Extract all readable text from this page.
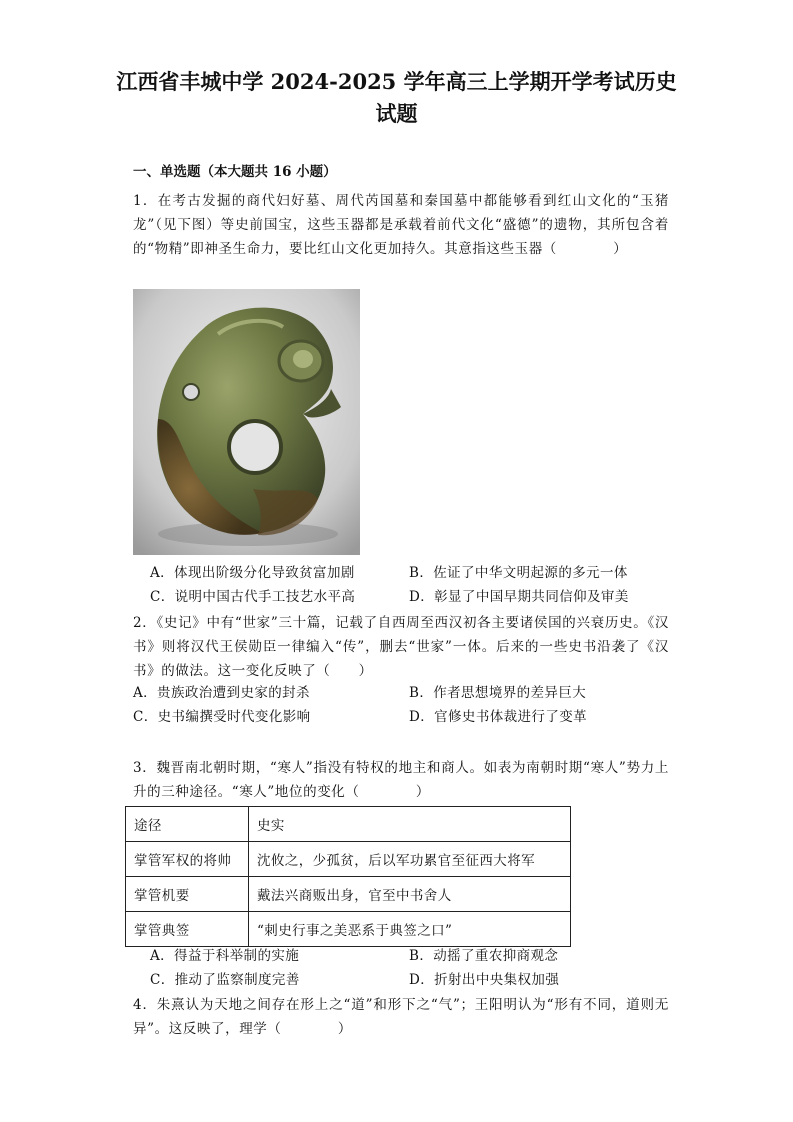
江西省丰城中学 2024-2025 学年高三上学期开学考试历史
试题
一、单选题（本大题共 16 小题）
1．在考古发掘的商代妇好墓、周代芮国墓和秦国墓中都能够看到红山文化的“玉猪龙”（见下图）等史前国宝，这些玉器都是承载着前代文化“盛德”的遗物，其所包含着的“物精”即神圣生命力，要比红山文化更加持久。其意指这些玉器（　　　　）
A．体现出阶级分化导致贫富加剧	B．佐证了中华文明起源的多元一体
C．说明中国古代手工技艺水平高	D．彰显了中国早期共同信仰及审美
2．《史记》中有“世家”三十篇，记载了自西周至西汉初各主要诸侯国的兴衰历史。《汉书》则将汉代王侯勋臣一律编入“传”，删去“世家”一体。后来的一些史书沿袭了《汉书》的做法。这一变化反映了（　　）
A．贵族政治遭到史家的封杀	B．作者思想境界的差异巨大
C．史书编撰受时代变化影响	D．官修史书体裁进行了变革
3．魏晋南北朝时期，“寒人”指没有特权的地主和商人。如表为南朝时期“寒人”势力上升的三种途径。“寒人”地位的变化（　　　　）
途径	史实
掌管军权的将帅	沈攸之，少孤贫，后以军功累官至征西大将军
掌管机要	戴法兴商贩出身，官至中书舍人
掌管典签	“刺史行事之美恶系于典签之口”
A．得益于科举制的实施	B．动摇了重农抑商观念
C．推动了监察制度完善	D．折射出中央集权加强
4．朱熹认为天地之间存在形上之“道”和形下之“气”；王阳明认为“形有不同，道则无异”。这反映了，理学（　　　　）
